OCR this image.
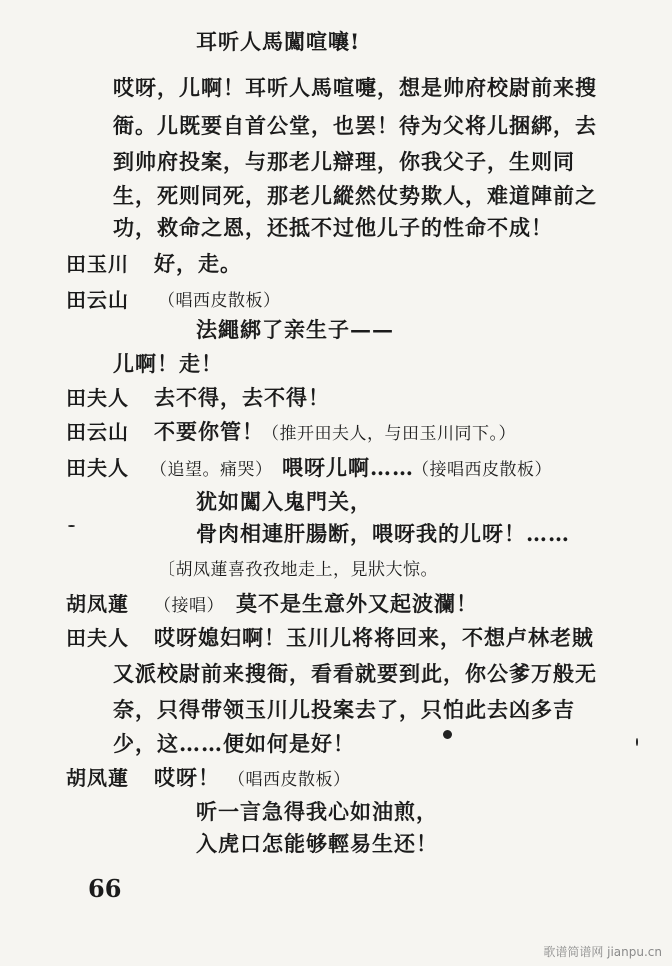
耳听人馬闖喧嚷!
哎呀，儿啊！耳听人馬喧嚏，想是帅府校尉前来搜
衙。儿既要自首公堂，也罢！待为父将儿捆綁，去
到帅府投案，与那老儿辯理，你我父子，生则同
生，死则同死，那老儿縱然仗势欺人，难道陣前之
功，救命之恩，还抵不过他儿子的性命不成！
田玉川 好，走。
田云山 （唱西皮散板）
法繩綁了亲生子——
儿啊！走！
田夫人 去不得，去不得！
田云山 不要你管！
（推开田夫人，与田玉川同下。）
田夫人 （追望。痛哭） 喂呀儿啊……
（接唱西皮散板）
犹如闖入鬼門关，
骨肉相連肝腸断，喂呀我的儿呀！……
〔胡凤蓮喜孜孜地走上，見狀大惊。
胡凤蓮 （接唱） 莫不是生意外又起波瀾！
田夫人 哎呀媳妇啊！玉川儿将将回来，不想卢林老賊
又派校尉前来搜衙，看看就要到此，你公爹万般无
奈，只得带领玉川儿投案去了，只怕此去凶多吉
少，这……便如何是好！
胡凤蓮 哎呀！ （唱西皮散板）
听一言急得我心如油煎，
入虎口怎能够輕易生还！
66
歌谱简谱网 jianpu.cn
